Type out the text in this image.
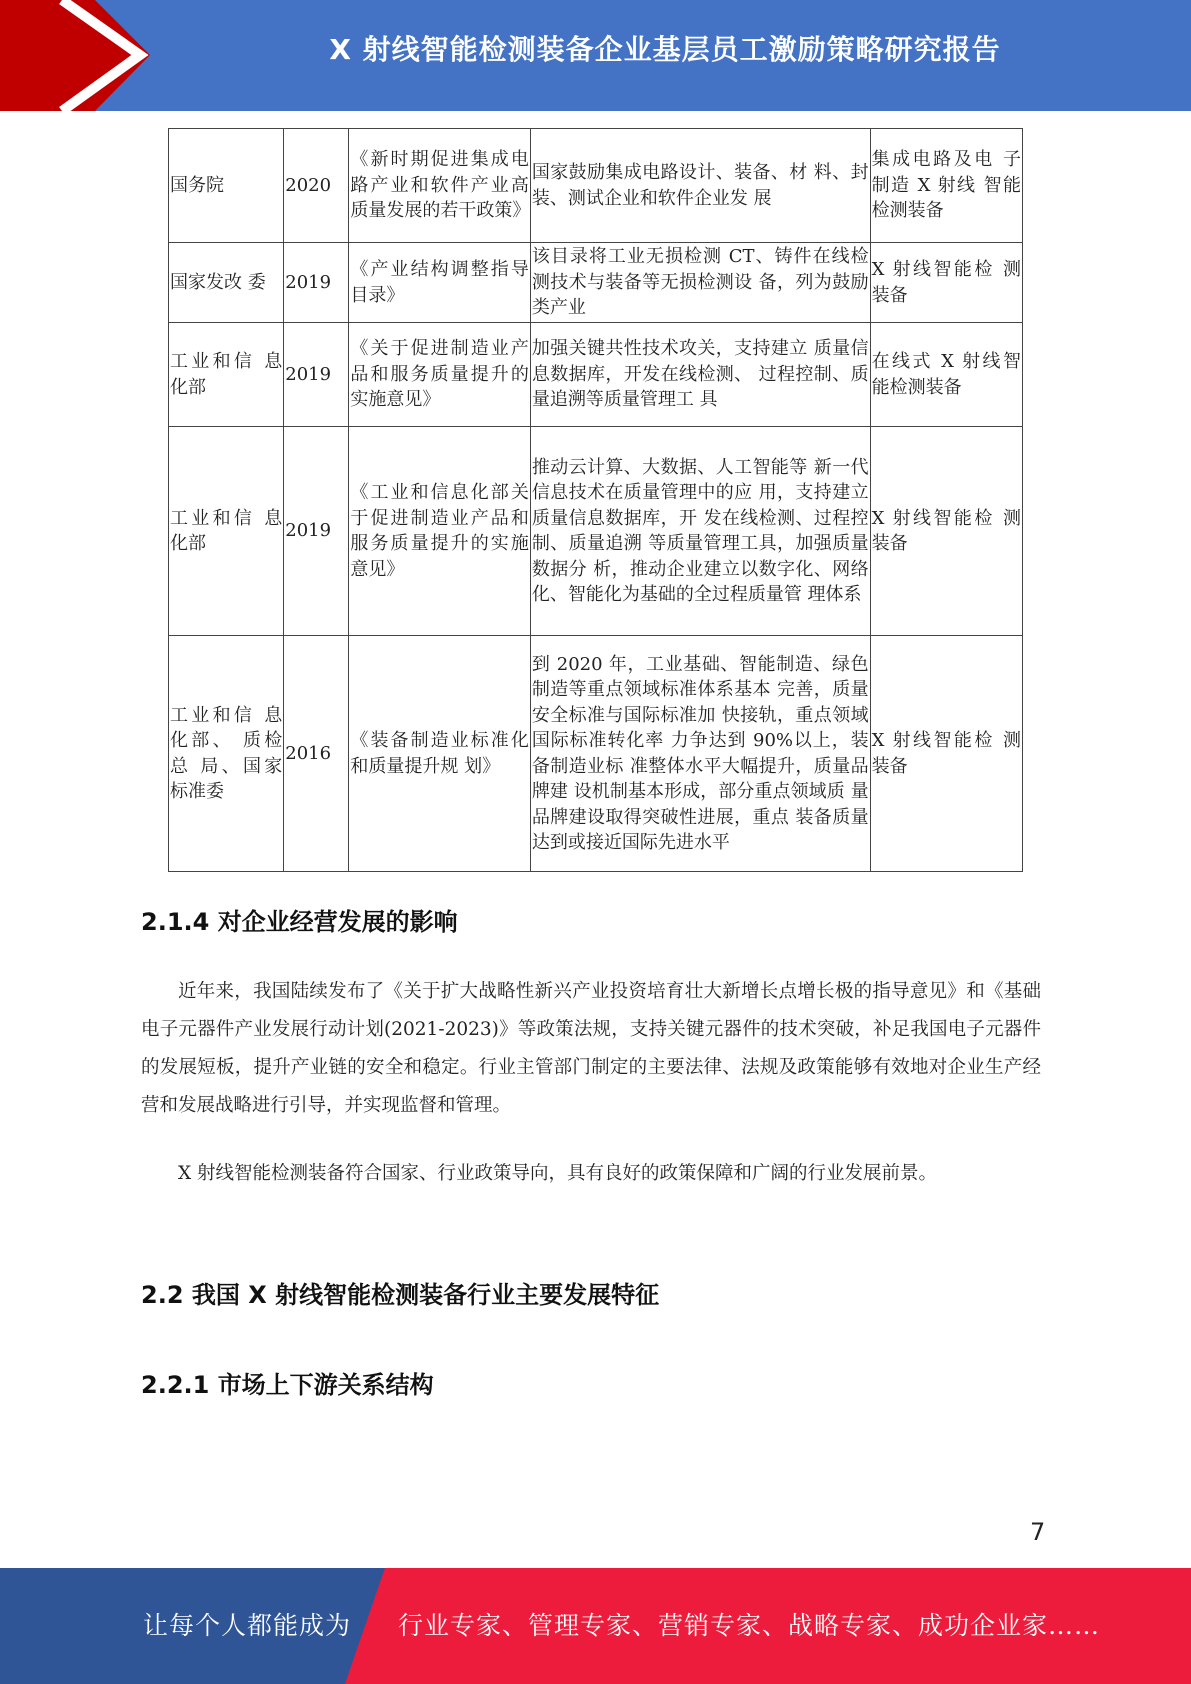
X 射线智能检测装备企业基层员工激励策略研究报告
国务院	2020	《新时期促进集成电路产业和软件产业高质量发展的若干政策》	国家鼓励集成电路设计、装备、材 料、封装、测试企业和软件企业发 展	集成电路及电 子制造 X 射线 智能检测装备
国家发改 委	2019	《产业结构调整指导目录》	该目录将工业无损检测 CT、铸件在线检测技术与装备等无损检测设 备，列为鼓励类产业	X 射线智能检 测装备
工业和信 息化部	2019	《关于促进制造业产品和服务质量提升的实施意见》	加强关键共性技术攻关，支持建立 质量信息数据库，开发在线检测、 过程控制、质量追溯等质量管理工 具	在线式 X 射线智能检测装备
工业和信 息化部	2019	《工业和信息化部关于促进制造业产品和服务质量提升的实施意见》	推动云计算、大数据、人工智能等 新一代信息技术在质量管理中的应 用，支持建立质量信息数据库，开 发在线检测、过程控制、质量追溯 等质量管理工具，加强质量数据分 析，推动企业建立以数字化、网络 化、智能化为基础的全过程质量管 理体系	X 射线智能检 测装备
工业和信 息化部、 质检总 局、国家标准委	2016	《装备制造业标准化和质量提升规 划》	到 2020 年，工业基础、智能制造、绿色制造等重点领域标准体系基本 完善，质量安全标准与国际标准加 快接轨，重点领域国际标准转化率 力争达到 90%以上，装备制造业标 准整体水平大幅提升，质量品牌建 设机制基本形成，部分重点领域质 量品牌建设取得突破性进展，重点 装备质量达到或接近国际先进水平	X 射线智能检 测装备
2.1.4 对企业经营发展的影响

近年来，我国陆续发布了《关于扩大战略性新兴产业投资培育壮大新增长点增长极的指导意见》和《基础电子元器件产业发展行动计划(2021-2023)》等政策法规，支持关键元器件的技术突破，补足我国电子元器件的发展短板，提升产业链的安全和稳定。行业主管部门制定的主要法律、法规及政策能够有效地对企业生产经营和发展战略进行引导，并实现监督和管理。

X 射线智能检测装备符合国家、行业政策导向，具有良好的政策保障和广阔的行业发展前景。

2.2 我国 X 射线智能检测装备行业主要发展特征
2.2.1 市场上下游关系结构
7
让每个人都能成为 行业专家、管理专家、营销专家、战略专家、成功企业家……
